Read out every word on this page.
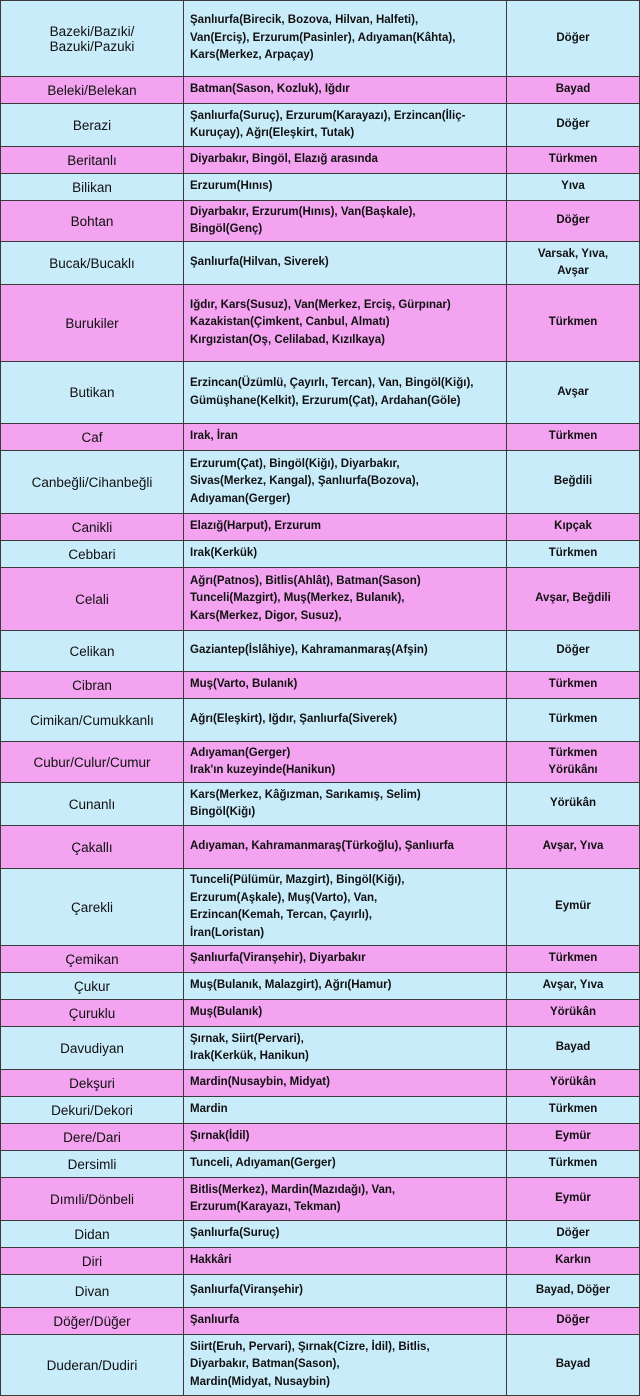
Bazeki/Bazıki/
Bazuki/Pazuki	Şanlıurfa(Birecik, Bozova, Hilvan, Halfeti),
Van(Erciş), Erzurum(Pasinler), Adıyaman(Kâhta),
Kars(Merkez, Arpaçay)	Döğer
Beleki/Belekan	Batman(Sason, Kozluk), Iğdır	Bayad
Berazi	Şanlıurfa(Suruç), Erzurum(Karayazı), Erzincan(İliç-
Kuruçay), Ağrı(Eleşkirt, Tutak)	Döğer
Beritanlı	Diyarbakır, Bingöl, Elazığ arasında	Türkmen
Bilikan	Erzurum(Hınıs)	Yıva
Bohtan	Diyarbakır, Erzurum(Hınıs), Van(Başkale),
Bingöl(Genç)	Döğer
Bucak/Bucaklı	Şanlıurfa(Hilvan, Siverek)	Varsak, Yıva,
Avşar
Burukiler	Iğdır, Kars(Susuz), Van(Merkez, Erciş, Gürpınar)
Kazakistan(Çimkent, Canbul, Almatı)
Kırgızistan(Oş, Celilabad, Kızılkaya)	Türkmen
Butikan	Erzincan(Üzümlü, Çayırlı, Tercan), Van, Bingöl(Kiğı),
Gümüşhane(Kelkit), Erzurum(Çat), Ardahan(Göle)	Avşar
Caf	Irak, İran	Türkmen
Canbeğli/Cihanbeğli	Erzurum(Çat), Bingöl(Kiğı), Diyarbakır,
Sivas(Merkez, Kangal), Şanlıurfa(Bozova),
Adıyaman(Gerger)	Beğdili
Canikli	Elazığ(Harput), Erzurum	Kıpçak
Cebbari	Irak(Kerkük)	Türkmen
Celali	Ağrı(Patnos), Bitlis(Ahlât), Batman(Sason)
Tunceli(Mazgirt), Muş(Merkez, Bulanık),
Kars(Merkez, Digor, Susuz),	Avşar, Beğdili
Celikan	Gaziantep(İslâhiye), Kahramanmaraş(Afşin)	Döğer
Cibran	Muş(Varto, Bulanık)	Türkmen
Cimikan/Cumukkanlı	Ağrı(Eleşkirt), Iğdır, Şanlıurfa(Siverek)	Türkmen
Cubur/Culur/Cumur	Adıyaman(Gerger)
Irak'ın kuzeyinde(Hanikun)	Türkmen
Yörükânı
Cunanlı	Kars(Merkez, Kâğızman, Sarıkamış, Selim)
Bingöl(Kiğı)	Yörükân
Çakallı	Adıyaman, Kahramanmaraş(Türkoğlu), Şanlıurfa	Avşar, Yıva
Çarekli	Tunceli(Pülümür, Mazgirt), Bingöl(Kiğı),
Erzurum(Aşkale), Muş(Varto), Van,
Erzincan(Kemah, Tercan, Çayırlı),
İran(Loristan)	Eymür
Çemikan	Şanlıurfa(Viranşehir), Diyarbakır	Türkmen
Çukur	Muş(Bulanık, Malazgirt), Ağrı(Hamur)	Avşar, Yıva
Çuruklu	Muş(Bulanık)	Yörükân
Davudiyan	Şırnak, Siirt(Pervari),
Irak(Kerkük, Hanikun)	Bayad
Dekşuri	Mardin(Nusaybin, Midyat)	Yörükân
Dekuri/Dekori	Mardin	Türkmen
Dere/Dari	Şırnak(İdil)	Eymür
Dersimli	Tunceli, Adıyaman(Gerger)	Türkmen
Dımıli/Dönbeli	Bitlis(Merkez), Mardin(Mazıdağı), Van,
Erzurum(Karayazı, Tekman)	Eymür
Didan	Şanlıurfa(Suruç)	Döğer
Diri	Hakkâri	Karkın
Divan	Şanlıurfa(Viranşehir)	Bayad, Döğer
Döğer/Düğer	Şanlıurfa	Döğer
Duderan/Dudiri	Siirt(Eruh, Pervari), Şırnak(Cizre, İdil), Bitlis,
Diyarbakır, Batman(Sason),
Mardin(Midyat, Nusaybin)	Bayad
